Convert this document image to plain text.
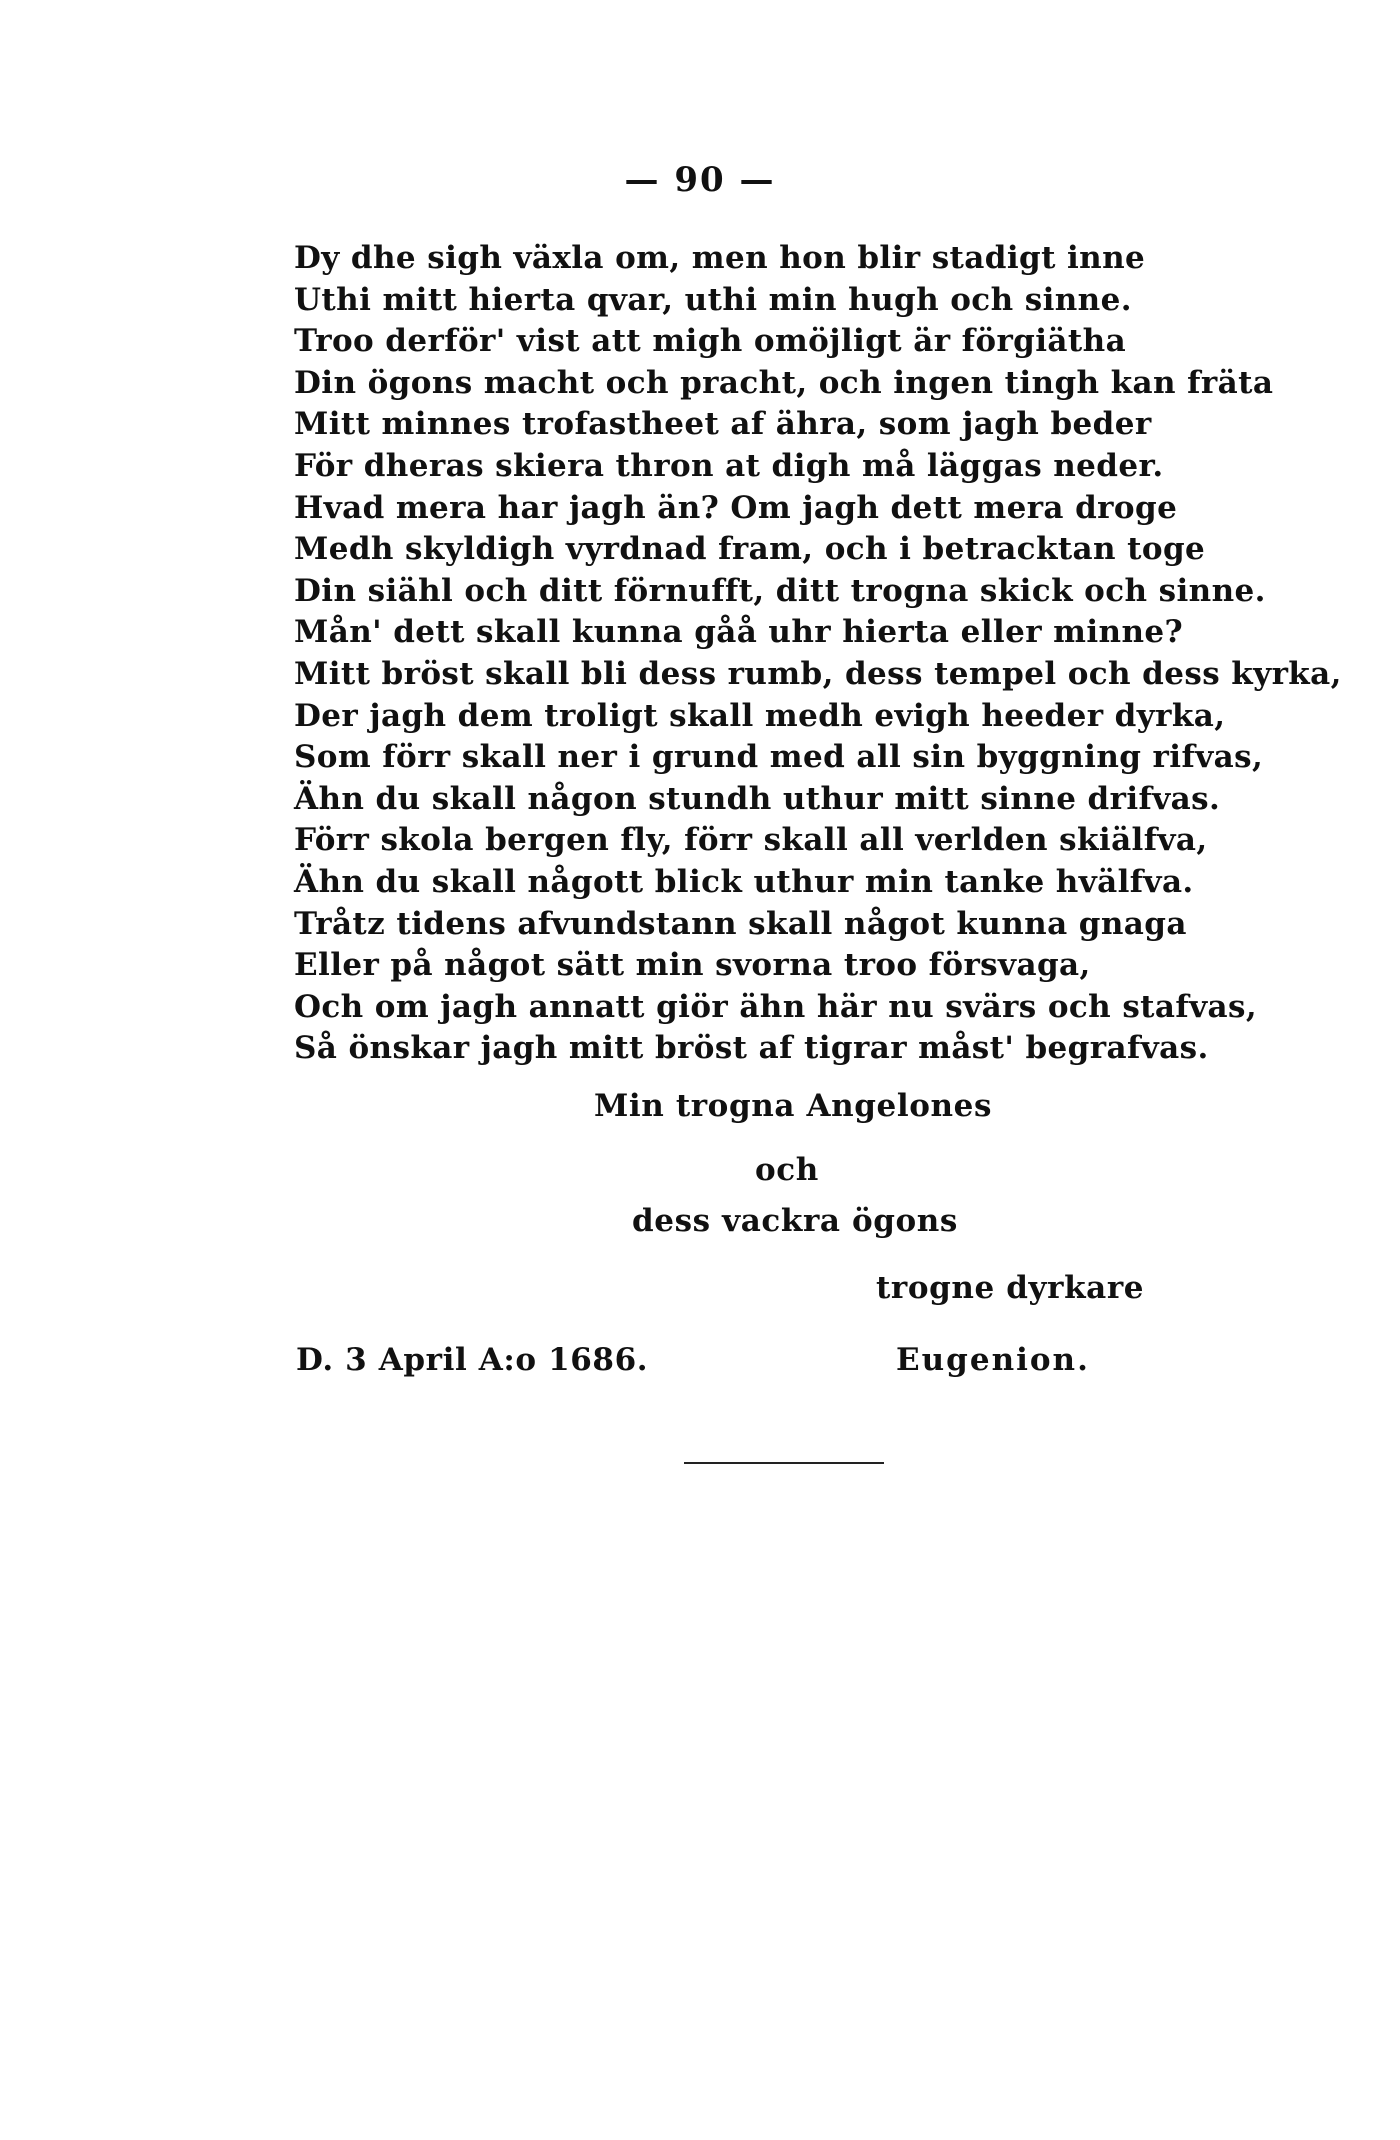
— 90 —
Dy dhe sigh växla om, men hon blir stadigt inne
Uthi mitt hierta qvar, uthi min hugh och sinne.
Troo derför' vist att migh omöjligt är förgiätha
Din ögons macht och pracht, och ingen tingh kan fräta
Mitt minnes trofastheet af ähra, som jagh beder
För dheras skiera thron at digh må läggas neder.
Hvad mera har jagh än? Om jagh dett mera droge
Medh skyldigh vyrdnad fram, och i betracktan toge
Din siähl och ditt förnufft, ditt trogna skick och sinne.
Mån' dett skall kunna gåå uhr hierta eller minne?
Mitt bröst skall bli dess rumb, dess tempel och dess kyrka,
Der jagh dem troligt skall medh evigh heeder dyrka,
Som förr skall ner i grund med all sin byggning rifvas,
Ähn du skall någon stundh uthur mitt sinne drifvas.
Förr skola bergen fly, förr skall all verlden skiälfva,
Ähn du skall någott blick uthur min tanke hvälfva.
Tråtz tidens afvundstann skall något kunna gnaga
Eller på något sätt min svorna troo försvaga,
Och om jagh annatt giör ähn här nu svärs och stafvas,
Så önskar jagh mitt bröst af tigrar måst' begrafvas.
Min trogna Angelones
och
dess vackra ögons
trogne dyrkare
D. 3 April A:o 1686.	Eugenion.
